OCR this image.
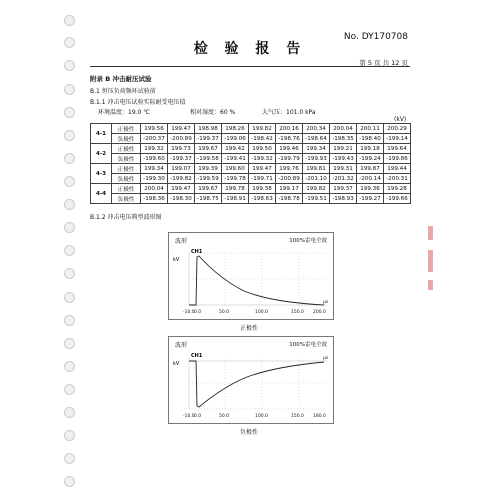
No. DY170708
检 验 报 告
第 5 页 共 12 页
附录 B 冲击耐压试验
B.1 恒压负荷频环试验前
B.1.1 冲击电压试验实际耐受电压值
环境温度：19.0 ℃	相对湿度：60 %	大气压：101.0 kPa
(kV)
4-1	正极性	199.56	199.47	198.98	198.26	199.82	200.16	200.34	200.04	200.11	200.29
	负极性	-200.37	-200.89	-199.37	-199.06	-198.42	-198.76	-198.64	-198.35	-198.40	-199.14
4-2	正极性	199.32	199.73	199.67	199.42	199.50	199.46	199.34	199.21	199.18	199.64
	负极性	-199.60	-199.37	-199.58	-199.41	-199.32	-199.79	-199.93	-199.43	-199.24	-199.86
4-3	正极性	199.34	199.07	199.39	199.60	199.47	199.76	199.81	199.31	199.87	199.44
	负极性	-199.30	-199.82	-199.59	-199.78	-199.71	-200.89	-201.10	-201.32	-200.14	-200.31
4-4	正极性	200.04	199.47	199.67	199.78	199.38	199.17	199.82	199.37	199.36	199.28
	负极性	-198.36	-198.30	-198.75	-198.91	-198.63	-198.78	-199.51	-198.93	-199.27	-199.66
B.1.2 冲击电压典型波形图
波形	100%雷电全波
CH1
kV
-10.0 0.0	50.0	100.0	150.0 200.0
μs
正极性
波形	100%雷电全波
CH1
kV
-10.0 0.0	50.0	100.0	150.0 180.0
μs
负极性
